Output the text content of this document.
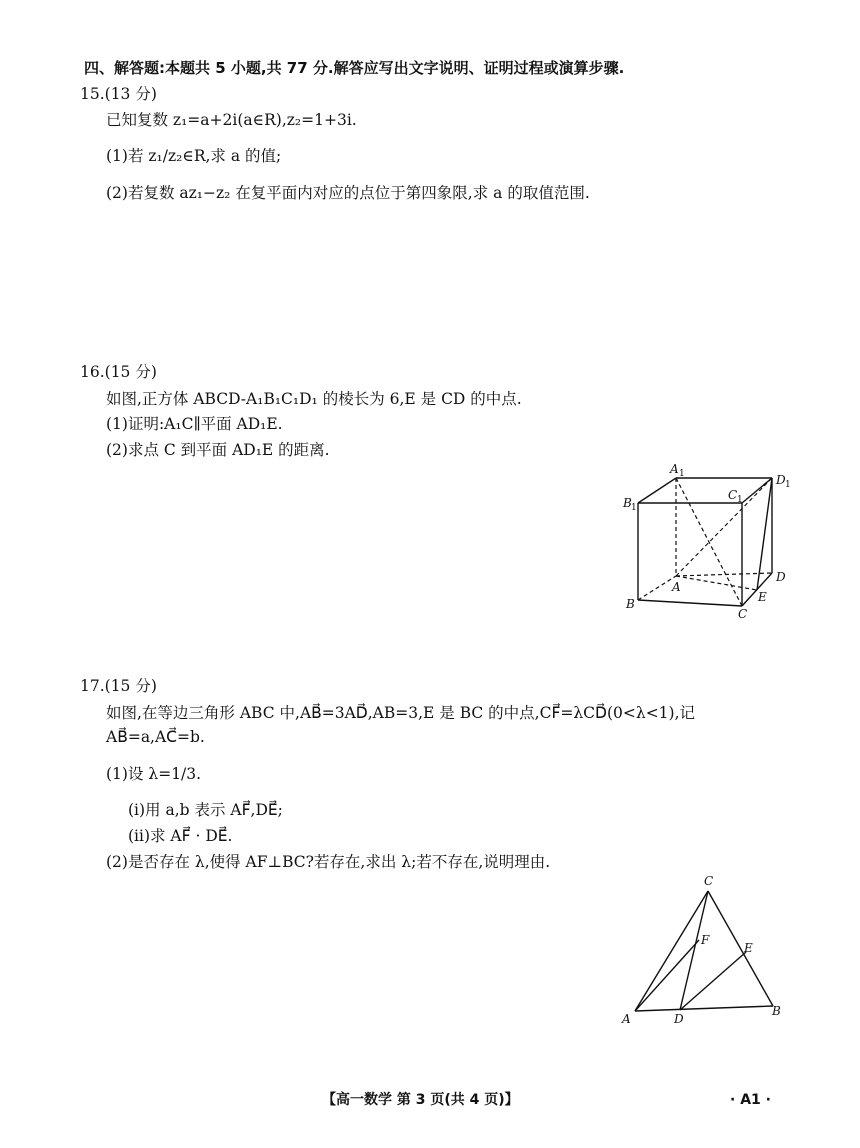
四、解答题:本题共 5 小题,共 77 分.解答应写出文字说明、证明过程或演算步骤.
15.(13 分)
已知复数 z₁=a+2i(a∈R),z₂=1+3i.
(1)若 z₁/z₂∈R,求 a 的值;
(2)若复数 az₁−z₂ 在复平面内对应的点位于第四象限,求 a 的取值范围.
16.(15 分)
如图,正方体 ABCD-A₁B₁C₁D₁ 的棱长为 6,E 是 CD 的中点.
(1)证明:A₁C∥平面 AD₁E.
(2)求点 C 到平面 AD₁E 的距离.
A 1
B 1
C 1
D 1
A
B
C
D
E
17.(15 分)
如图,在等边三角形 ABC 中,AB⃗=3AD⃗,AB=3,E 是 BC 的中点,CF⃗=λCD⃗(0<λ<1),记
AB⃗=a,AC⃗=b.
(1)设 λ=1/3.
(ⅰ)用 a,b 表示 AF⃗,DE⃗;
(ⅱ)求 AF⃗ · DE⃗.
(2)是否存在 λ,使得 AF⊥BC?若存在,求出 λ;若不存在,说明理由.
C
F
E
A	D
B
【高一数学 第 3 页(共 4 页)】	· A1 ·
